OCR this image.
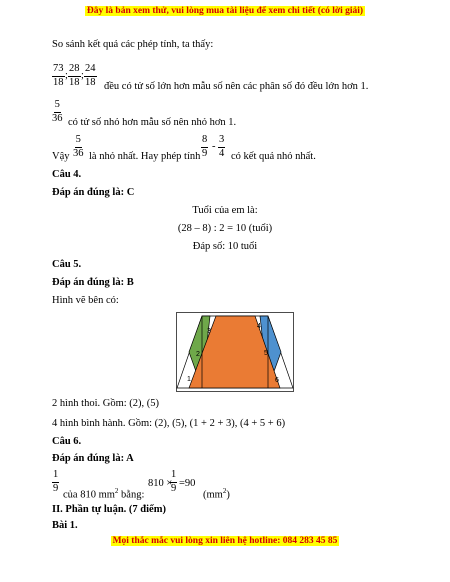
Đây là bản xem thử, vui lòng mua tài liệu để xem chi tiết (có lời giải)
So sánh kết quả các phép tính, ta thấy:
$\frac{73}{18}$ ; $\frac{28}{18}$ ; $\frac{24}{18}$ đều có tử số lớn hơn mẫu số nên các phân số đó đều lớn hơn 1.
$\frac{5}{36}$ có tử số nhỏ hơn mẫu số nên nhỏ hơn 1.
Vậy $\frac{5}{36}$ là nhỏ nhất. Hay phép tính $\frac{8}{9} - \frac{3}{4}$ có kết quả nhỏ nhất.
Câu 4.
Đáp án đúng là: C
Tuổi của em là:
(28 – 8) : 2 = 10 (tuổi)
Đáp số: 10 tuổi
Câu 5.
Đáp án đúng là: B
Hình vẽ bên có:
1
2
3
4
5
6
2 hình thoi. Gồm: (2), (5)
4 hình bình hành. Gồm: (2), (5), (1 + 2 + 3), (4 + 5 + 6)
Câu 6.
Đáp án đúng là: A
$\frac{1}{9}$
của 810 $mm^2$ bằng:
810 ×
$\frac{1}{9} =90$
$(mm^2)$
II. Phần tự luận. (7 điểm)
Bài 1.
Mọi thắc mắc vui lòng xin liên hệ hotline: 084 283 45 85
